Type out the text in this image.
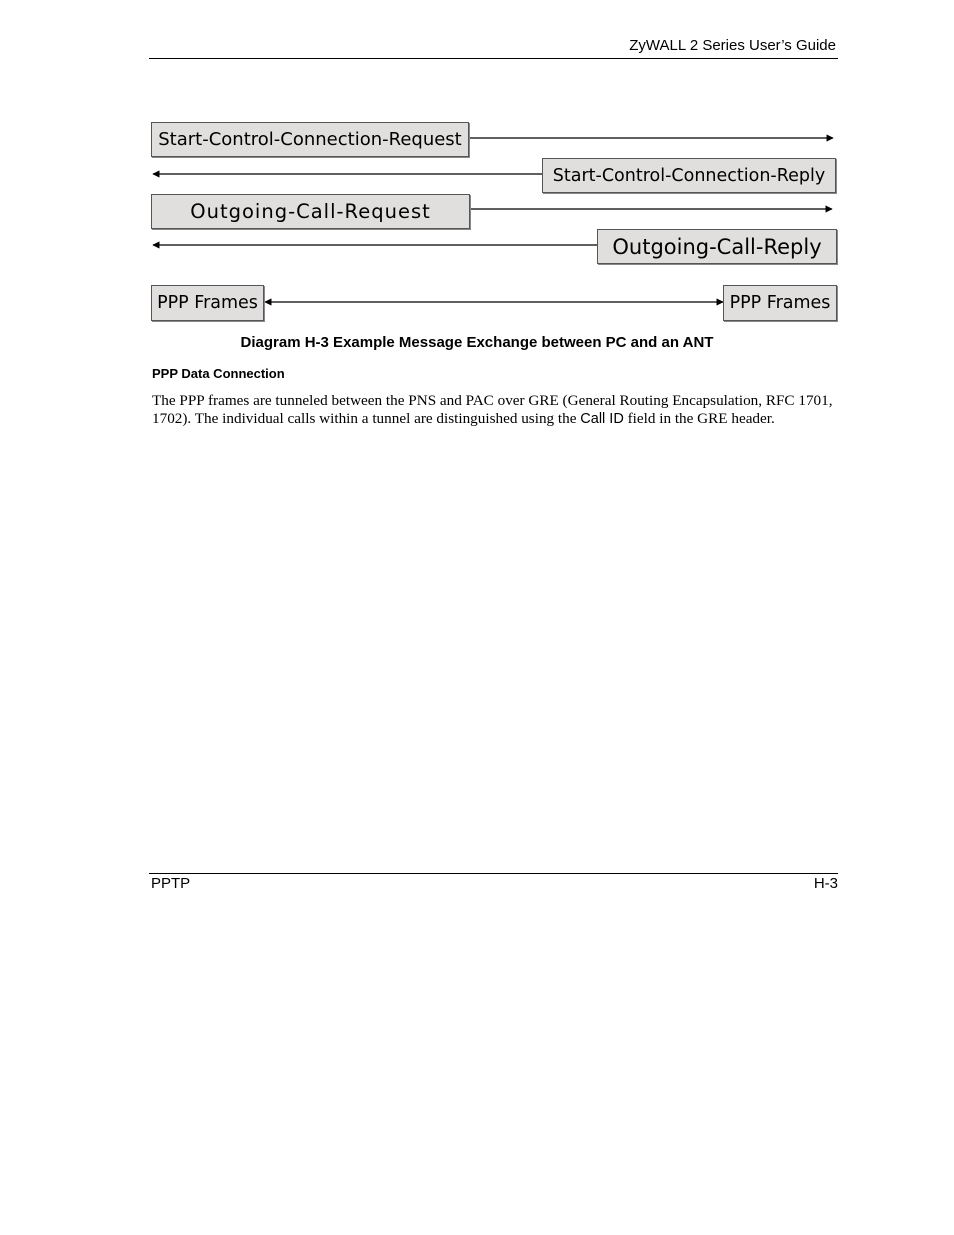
ZyWALL 2 Series User’s Guide
Start-Control-Connection-Request
Start-Control-Connection-Reply
Outgoing-Call-Request
Outgoing-Call-Reply
PPP Frames	PPP Frames
Diagram H-3 Example Message Exchange between PC and an ANT
PPP Data Connection

The PPP frames are tunneled between the PNS and PAC over GRE (General Routing Encapsulation, RFC 1701, 1702). The individual calls within a tunnel are distinguished using the Call ID field in the GRE header.

PPTP	H-3
